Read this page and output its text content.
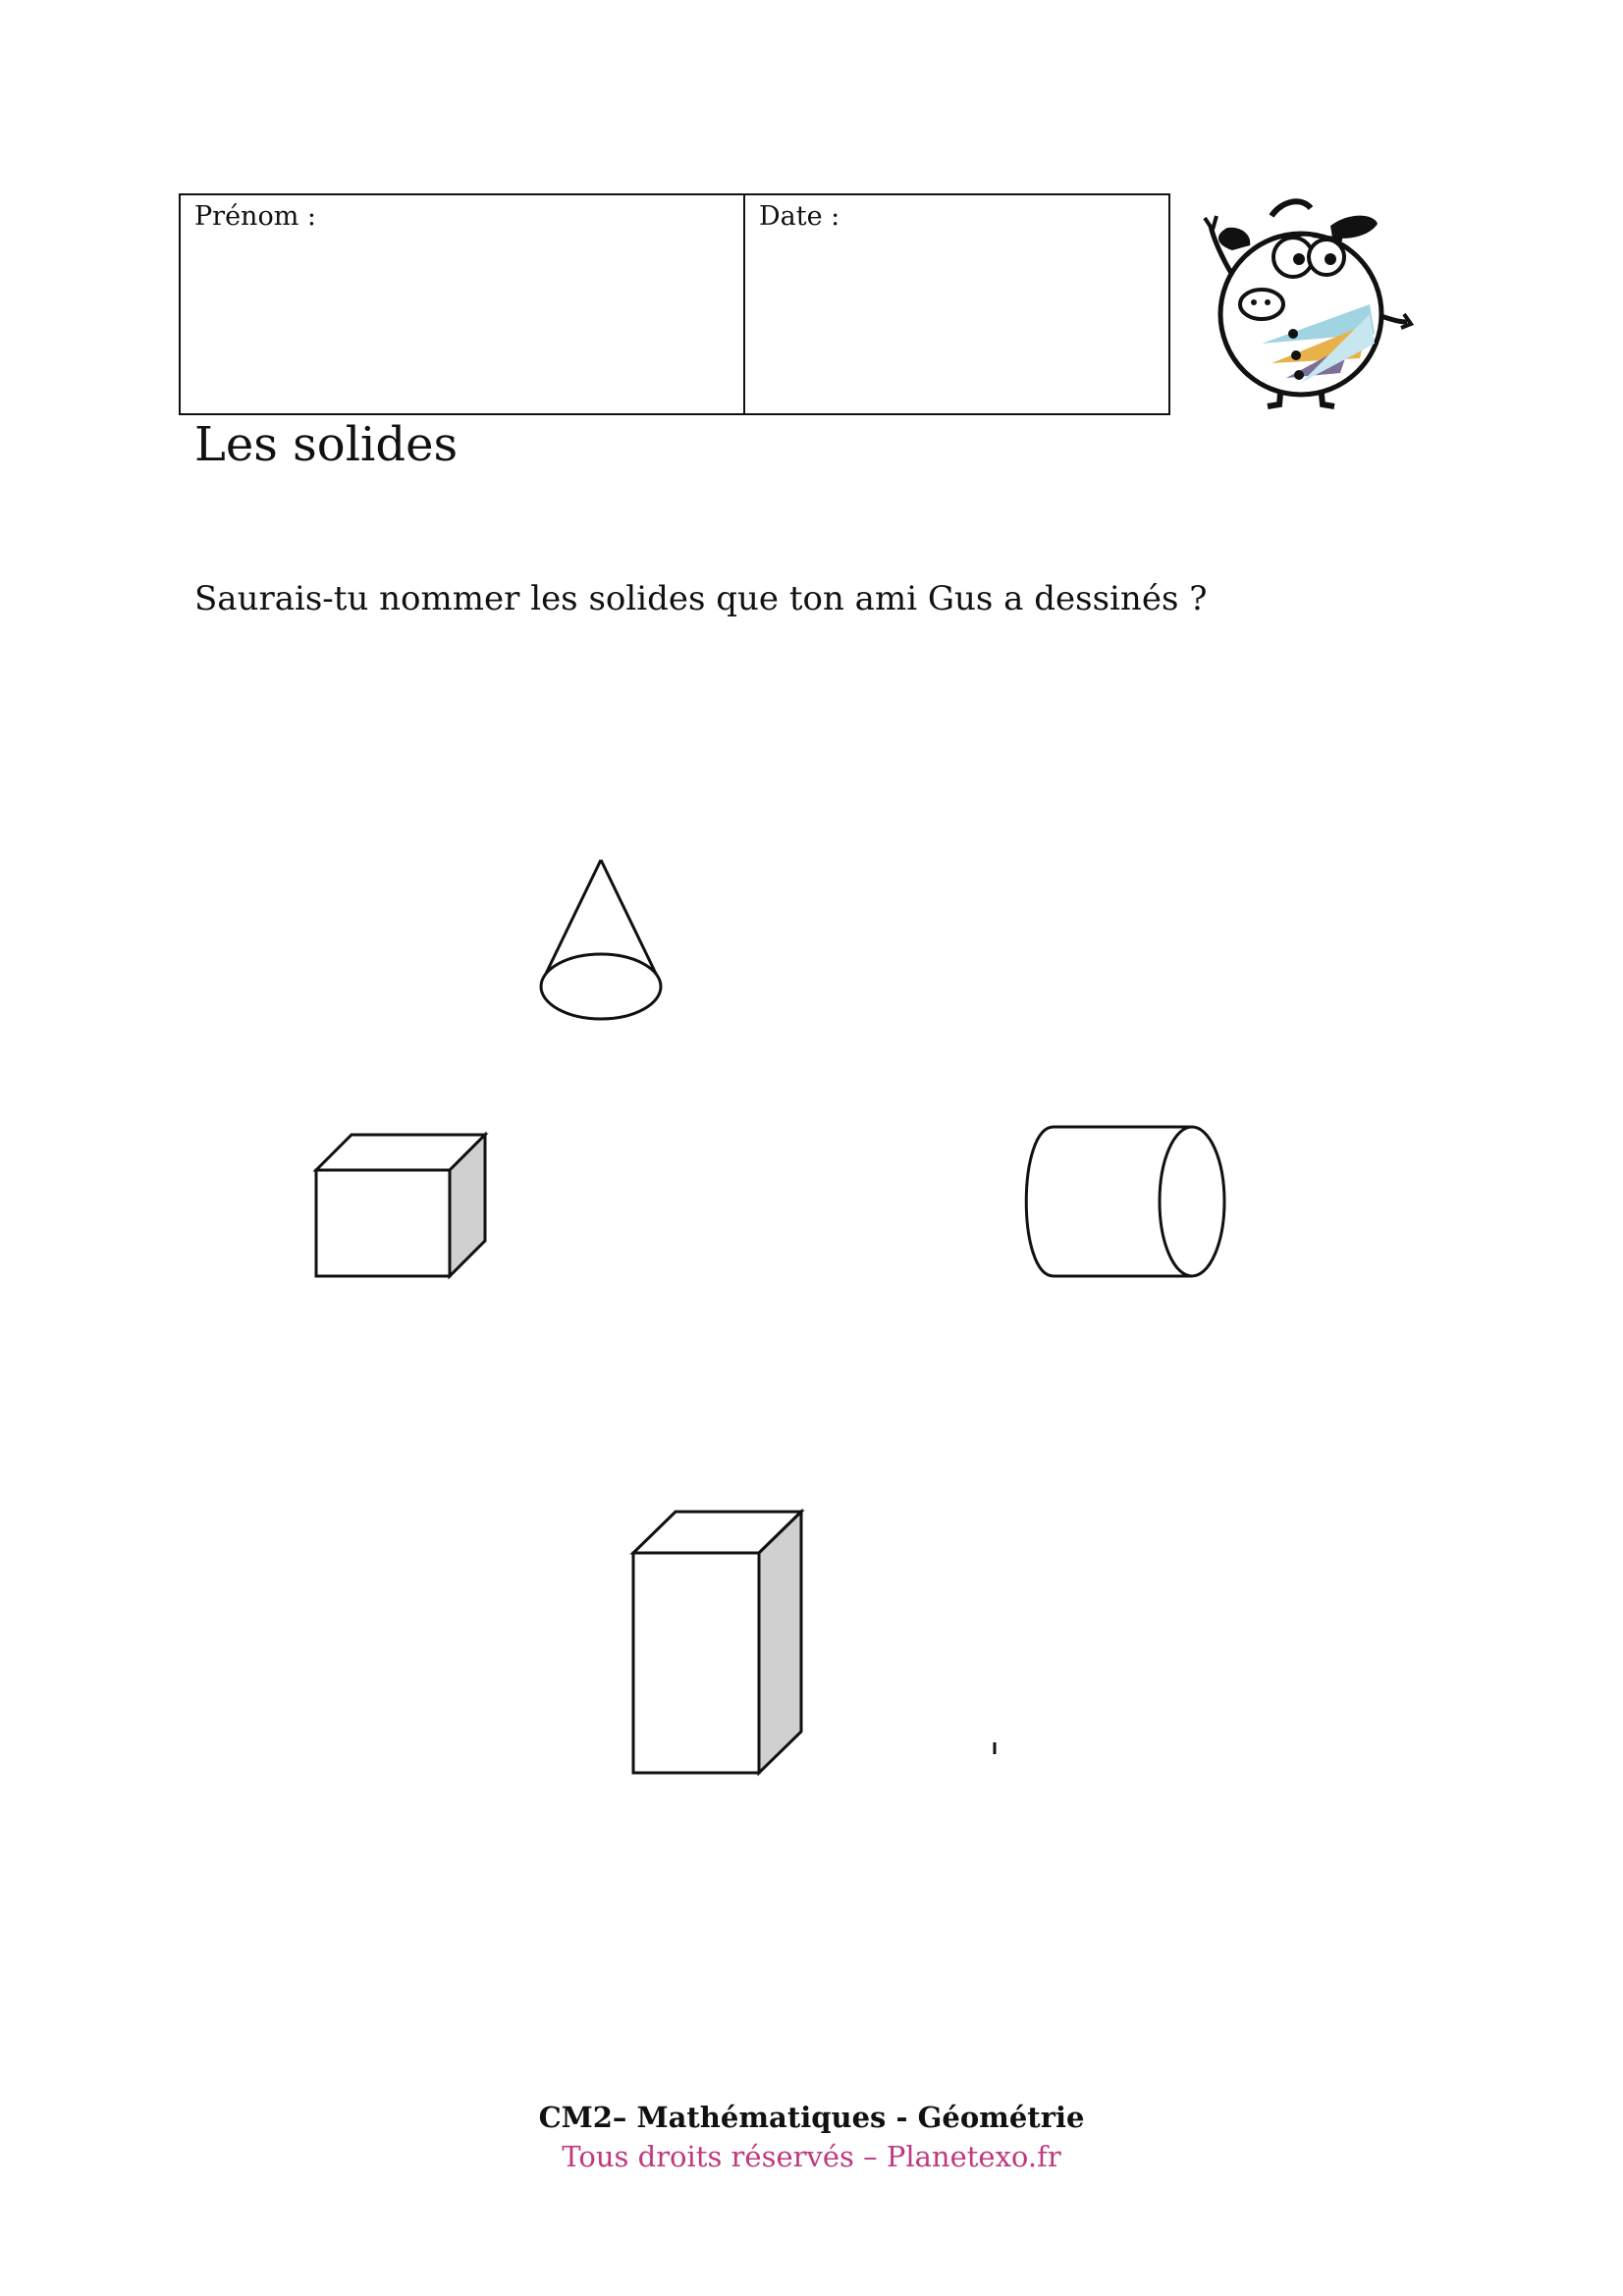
Prénom :	Date :
Les solides

Saurais-tu nommer les solides que ton ami Gus a dessinés ?

CM2– Mathématiques - Géométrie
Tous droits réservés – Planetexo.fr
